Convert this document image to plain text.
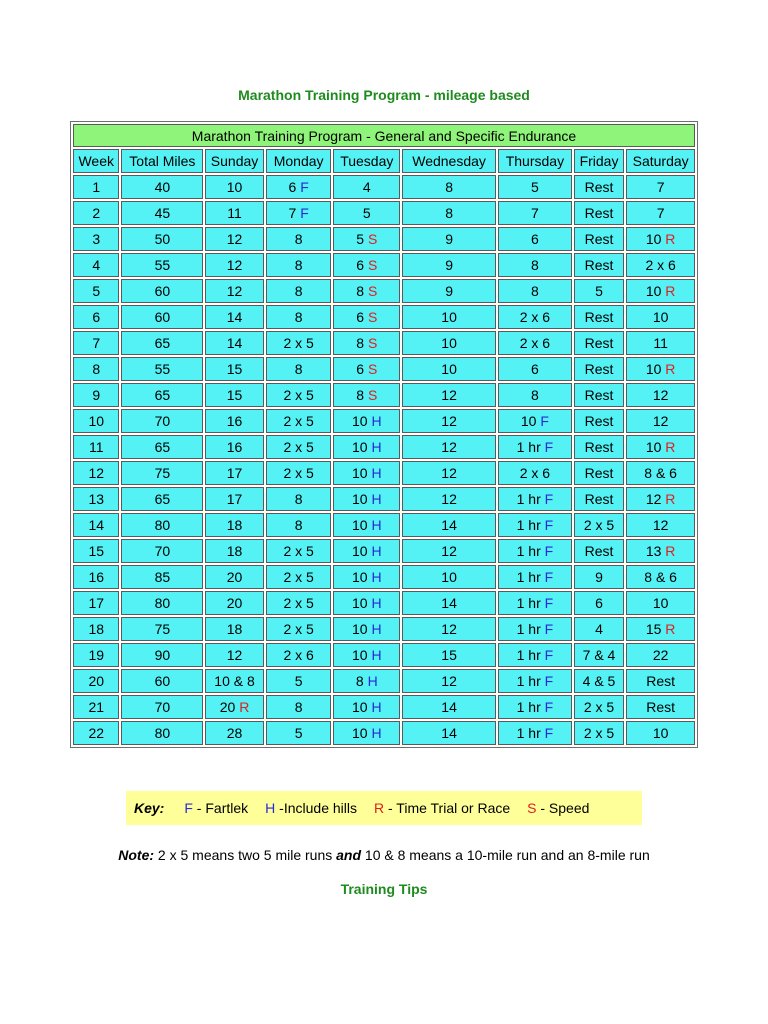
Marathon Training Program - mileage based
Marathon Training Program - General and Specific Endurance								
Week	Total Miles	Sunday	Monday	Tuesday	Wednesday	Thursday	Friday	Saturday
1	40	10	6 F	4	8	5	Rest	7
2	45	11	7 F	5	8	7	Rest	7
3	50	12	8	5 S	9	6	Rest	10 R
4	55	12	8	6 S	9	8	Rest	2 x 6
5	60	12	8	8 S	9	8	5	10 R
6	60	14	8	6 S	10	2 x 6	Rest	10
7	65	14	2 x 5	8 S	10	2 x 6	Rest	11
8	55	15	8	6 S	10	6	Rest	10 R
9	65	15	2 x 5	8 S	12	8	Rest	12
10	70	16	2 x 5	10 H	12	10 F	Rest	12
11	65	16	2 x 5	10 H	12	1 hr F	Rest	10 R
12	75	17	2 x 5	10 H	12	2 x 6	Rest	8 & 6
13	65	17	8	10 H	12	1 hr F	Rest	12 R
14	80	18	8	10 H	14	1 hr F	2 x 5	12
15	70	18	2 x 5	10 H	12	1 hr F	Rest	13 R
16	85	20	2 x 5	10 H	10	1 hr F	9	8 & 6
17	80	20	2 x 5	10 H	14	1 hr F	6	10
18	75	18	2 x 5	10 H	12	1 hr F	4	15 R
19	90	12	2 x 6	10 H	15	1 hr F	7 & 4	22
20	60	10 & 8	5	8 H	12	1 hr F	4 & 5	Rest
21	70	20 R	8	10 H	14	1 hr F	2 x 5	Rest
22	80	28	5	10 H	14	1 hr F	2 x 5	10
Key: F - Fartlek H -Include hills R - Time Trial or Race S - Speed
Note: 2 x 5 means two 5 mile runs and 10 & 8 means a 10-mile run and an 8-mile run
Training Tips
